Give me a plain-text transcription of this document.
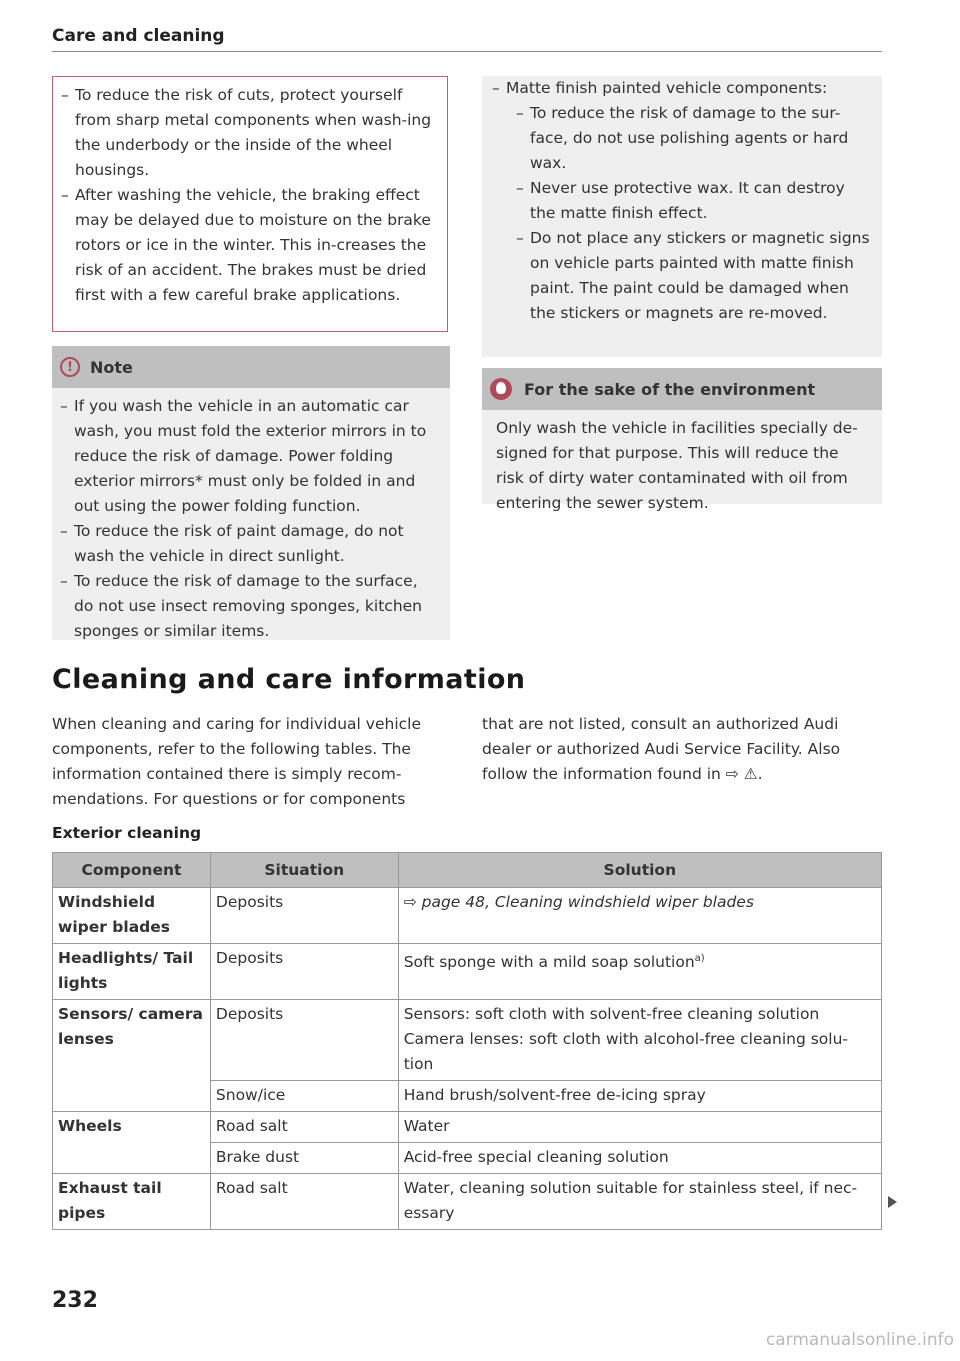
Care and cleaning
– To reduce the risk of cuts, protect yourself from sharp metal components when wash-ing the underbody or the inside of the wheel housings.
– After washing the vehicle, the braking effect may be delayed due to moisture on the brake rotors or ice in the winter. This in-creases the risk of an accident. The brakes must be dried first with a few careful brake applications.
!	Note
– If you wash the vehicle in an automatic car wash, you must fold the exterior mirrors in to reduce the risk of damage. Power folding exterior mirrors* must only be folded in and out using the power folding function.
– To reduce the risk of paint damage, do not wash the vehicle in direct sunlight.
– To reduce the risk of damage to the surface, do not use insect removing sponges, kitchen sponges or similar items.
– Matte finish painted vehicle components:
– To reduce the risk of damage to the sur-face, do not use polishing agents or hard wax.
– Never use protective wax. It can destroy the matte finish effect.
– Do not place any stickers or magnetic signs on vehicle parts painted with matte finish paint. The paint could be damaged when the stickers or magnets are re-moved.
For the sake of the environment
Only wash the vehicle in facilities specially de-signed for that purpose. This will reduce the risk of dirty water contaminated with oil from entering the sewer system.
Cleaning and care information

When cleaning and caring for individual vehicle components, refer to the following tables. The information contained there is simply recom-mendations. For questions or for components

that are not listed, consult an authorized Audi dealer or authorized Audi Service Facility. Also follow the information found in ⇨ ⚠.

Exterior cleaning
Component	Situation	Solution
Windshield wiper blades	Deposits	⇨ page 48, Cleaning windshield wiper blades
Headlights/ Tail lights	Deposits	Soft sponge with a mild soap solution$^{a)}$
Sensors/ camera lenses	Deposits	Sensors: soft cloth with solvent-free cleaning solution
Camera lenses: soft cloth with alcohol-free cleaning solu-tion

	Snow/ice	Hand brush/solvent-free de-icing spray
Wheels	Road salt	Water
	Brake dust	Acid-free special cleaning solution
Exhaust tail pipes	Road salt	Water, cleaning solution suitable for stainless steel, if nec-essary
232
carmanualsonline.info
